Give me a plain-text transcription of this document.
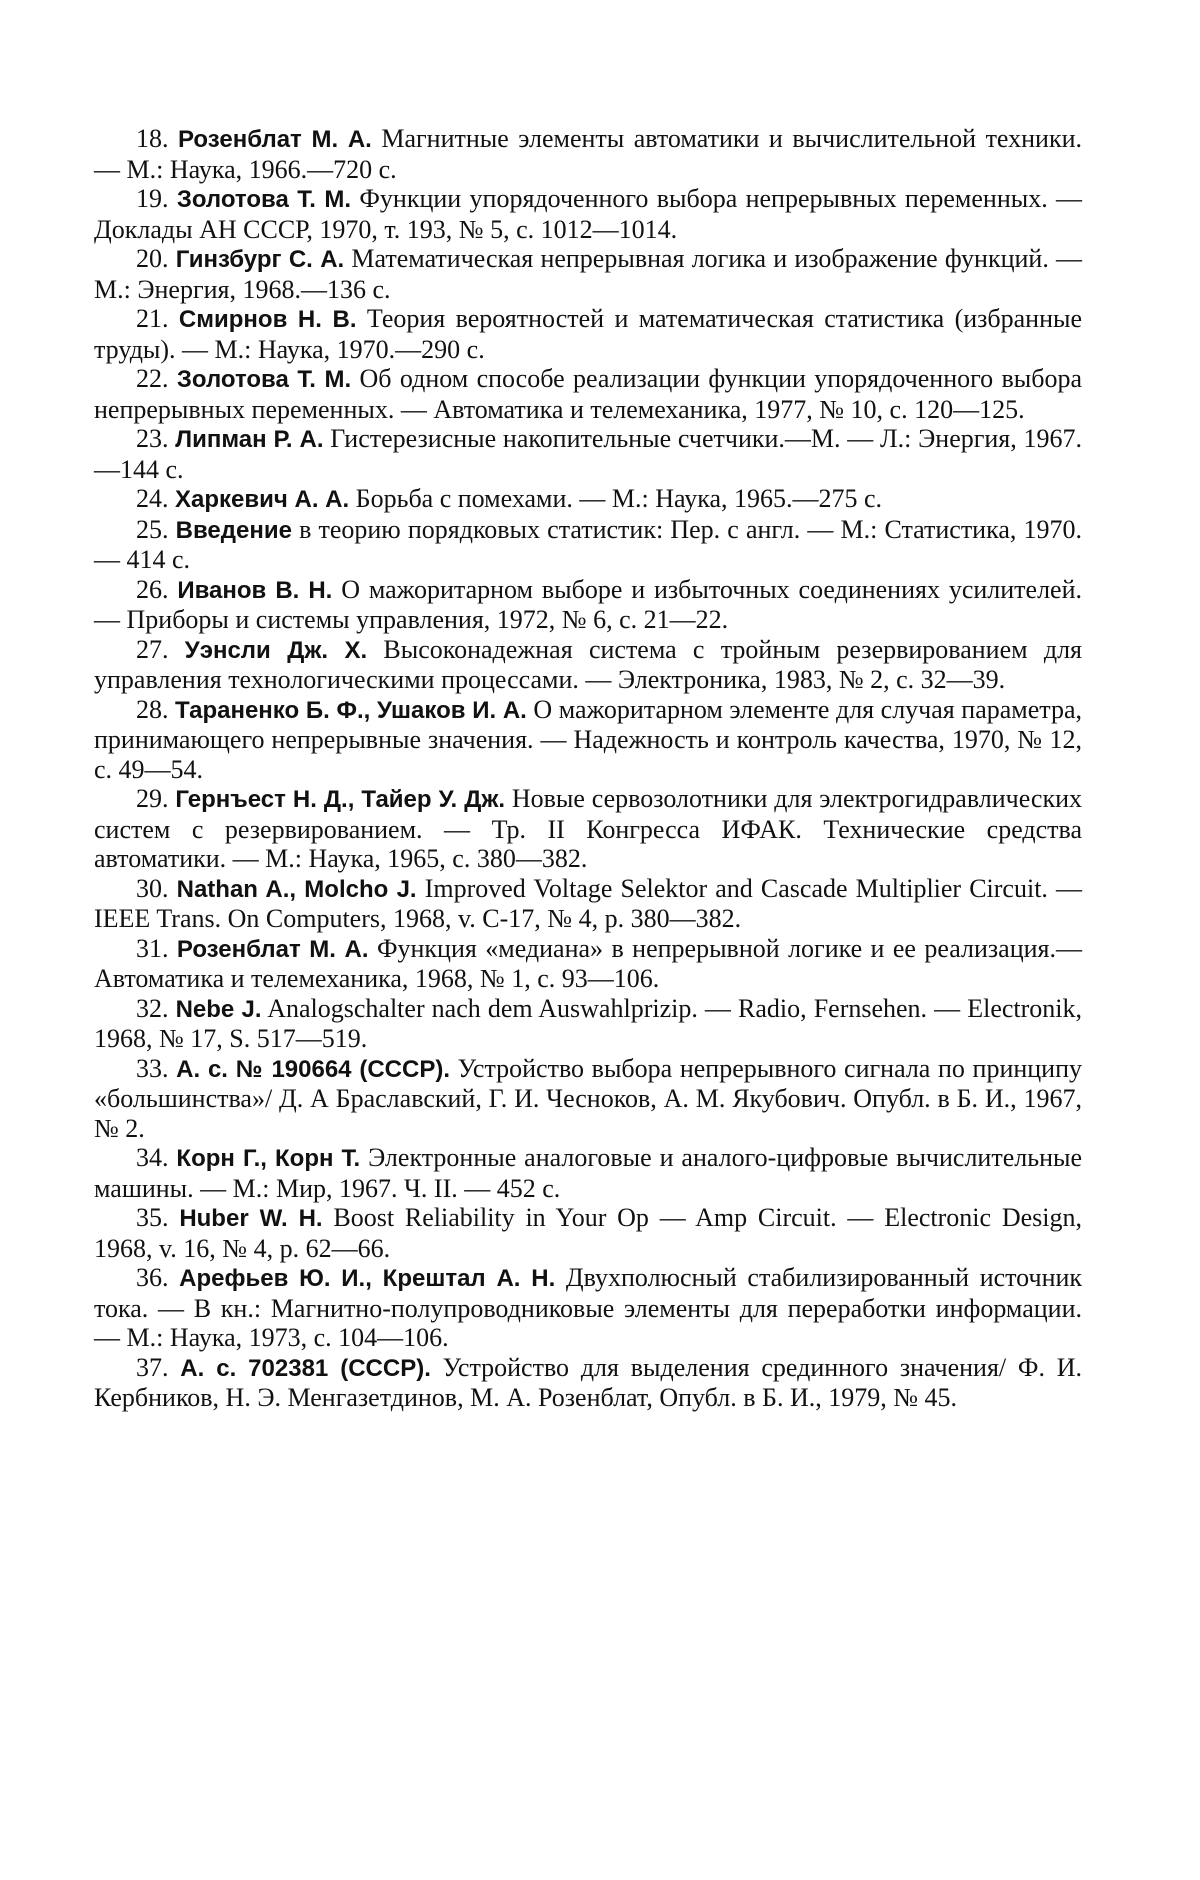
18. Розенблат М. А. Магнитные элементы автоматики и вычислительной техники. — М.: Наука, 1966.—720 с.

19. Золотова Т. М. Функции упорядоченного выбора непрерывных переменных. — Доклады АН СССР, 1970, т. 193, № 5, с. 1012—1014.

20. Гинзбург С. А. Математическая непрерывная логика и изображение функций. — М.: Энергия, 1968.—136 с.

21. Смирнов Н. В. Теория вероятностей и математическая статистика (избранные труды). — М.: Наука, 1970.—290 с.

22. Золотова Т. М. Об одном способе реализации функции упорядоченного выбора непрерывных переменных. — Автоматика и телемеханика, 1977, № 10, с. 120—125.

23. Липман Р. А. Гистерезисные накопительные счетчики.—М. — Л.: Энергия, 1967.—144 с.

24. Харкевич А. А. Борьба с помехами. — М.: Наука, 1965.—275 с.

25. Введение в теорию порядковых статистик: Пер. с англ. — М.: Статистика, 1970. — 414 с.

26. Иванов В. Н. О мажоритарном выборе и избыточных соединениях усилителей. — Приборы и системы управления, 1972, № 6, с. 21—22.

27. Уэнсли Дж. Х. Высоконадежная система с тройным резервированием для управления технологическими процессами. — Электроника, 1983, № 2, с. 32—39.

28. Тараненко Б. Ф., Ушаков И. А. О мажоритарном элементе для случая параметра, принимающего непрерывные значения. — Надежность и контроль качества, 1970, № 12, с. 49—54.

29. Гернъест Н. Д., Тайер У. Дж. Новые сервозолотники для электрогидравлических систем с резервированием. — Тр. II Конгресса ИФАК. Технические средства автоматики. — М.: Наука, 1965, с. 380—382.

30. Nathan A., Molcho J. Improved Voltage Selektor and Cascade Multiplier Circuit. — IEEE Trans. On Computers, 1968, v. C-17, № 4, p. 380—382.

31. Розенблат М. А. Функция «медиана» в непрерывной логике и ее реализация.— Автоматика и телемеханика, 1968, № 1, с. 93—106.

32. Nebe J. Analogschalter nach dem Auswahlprizip. — Radio, Fernsehen. — Electronik, 1968, № 17, S. 517—519.

33. А. с. № 190664 (СССР). Устройство выбора непрерывного сигнала по принципу «большинства»/ Д. А Браславский, Г. И. Чесноков, А. М. Якубович. Опубл. в Б. И., 1967, № 2.

34. Корн Г., Корн Т. Электронные аналоговые и аналого-цифровые вычислительные машины. — М.: Мир, 1967. Ч. II. — 452 с.

35. Huber W. H. Boost Reliability in Your Op — Amp Circuit. — Electronic Design, 1968, v. 16, № 4, p. 62—66.

36. Арефьев Ю. И., Крештал А. Н. Двухполюсный стабилизированный источник тока. — В кн.: Магнитно-полупроводниковые элементы для переработки информации. — М.: Наука, 1973, с. 104—106.

37. А. с. 702381 (СССР). Устройство для выделения срединного значения/ Ф. И. Кербников, Н. Э. Менгазетдинов, М. А. Розенблат, Опубл. в Б. И., 1979, № 45.
